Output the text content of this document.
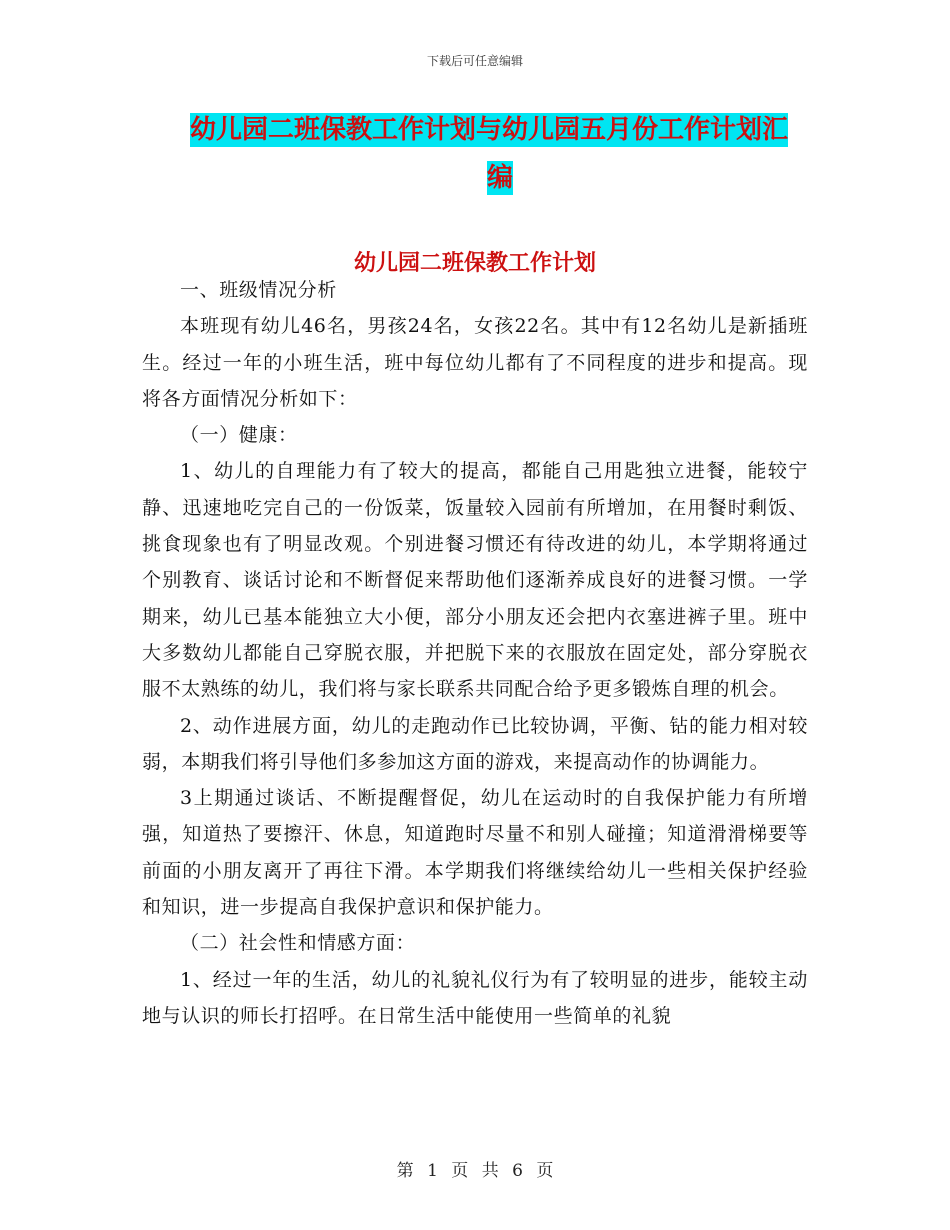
下载后可任意编辑
幼儿园二班保教工作计划与幼儿园五月份工作计划汇
编
幼儿园二班保教工作计划

一、班级情况分析

本班现有幼儿46名，男孩24名，女孩22名。其中有12名幼儿是新插班生。经过一年的小班生活，班中每位幼儿都有了不同程度的进步和提高。现将各方面情况分析如下：

（一）健康：

1、幼儿的自理能力有了较大的提高，都能自己用匙独立进餐，能较宁静、迅速地吃完自己的一份饭菜，饭量较入园前有所增加，在用餐时剩饭、挑食现象也有了明显改观。个别进餐习惯还有待改进的幼儿，本学期将通过个别教育、谈话讨论和不断督促来帮助他们逐渐养成良好的进餐习惯。一学期来，幼儿已基本能独立大小便，部分小朋友还会把内衣塞进裤子里。班中大多数幼儿都能自己穿脱衣服，并把脱下来的衣服放在固定处，部分穿脱衣服不太熟练的幼儿，我们将与家长联系共同配合给予更多锻炼自理的机会。

2、动作进展方面，幼儿的走跑动作已比较协调，平衡、钻的能力相对较弱，本期我们将引导他们多参加这方面的游戏，来提高动作的协调能力。

3上期通过谈话、不断提醒督促，幼儿在运动时的自我保护能力有所增强，知道热了要擦汗、休息，知道跑时尽量不和别人碰撞；知道滑滑梯要等前面的小朋友离开了再往下滑。本学期我们将继续给幼儿一些相关保护经验和知识，进一步提高自我保护意识和保护能力。

（二）社会性和情感方面：

1、经过一年的生活，幼儿的礼貌礼仪行为有了较明显的进步，能较主动地与认识的师长打招呼。在日常生活中能使用一些简单的礼貌

第 1 页 共 6 页
